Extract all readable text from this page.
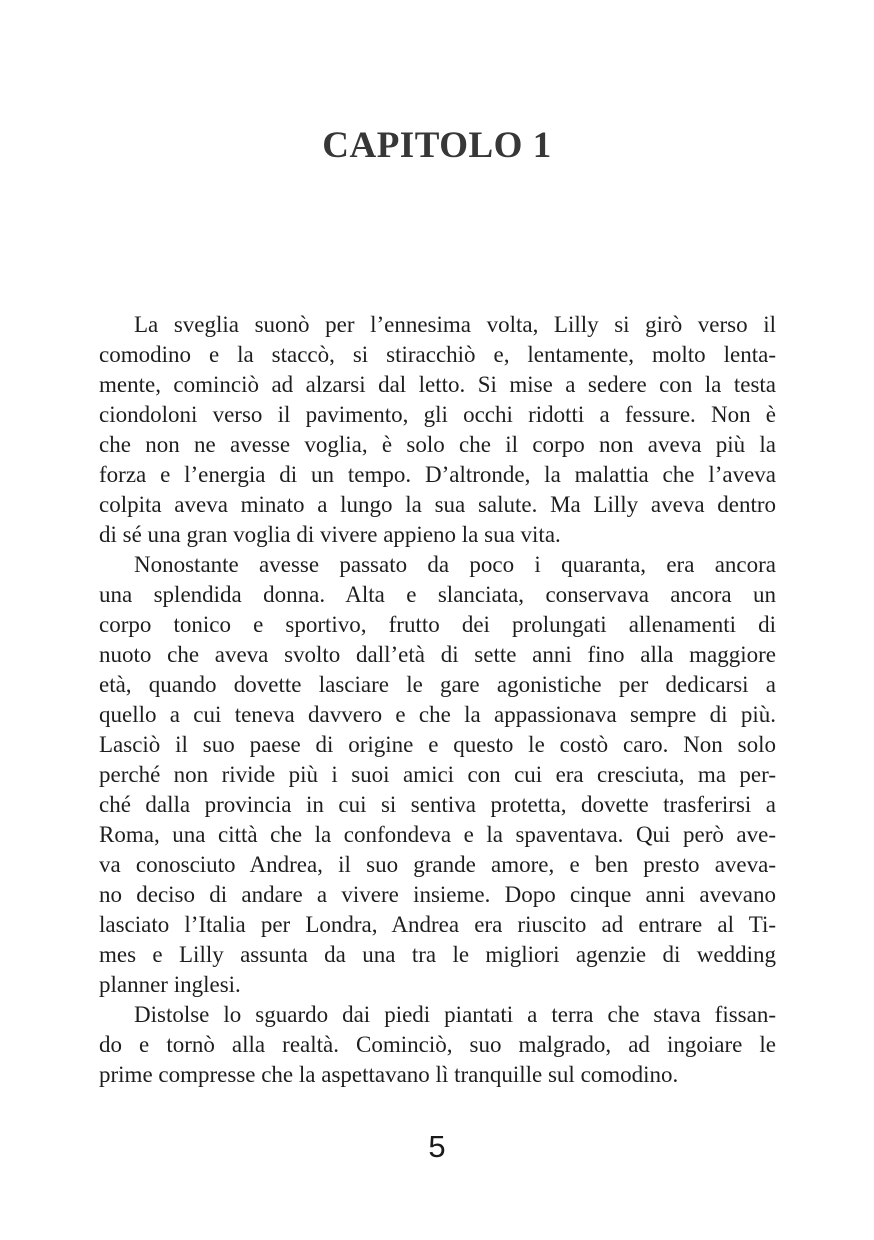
CAPITOLO 1
La sveglia suonò per l’ennesima volta, Lilly si girò verso il
comodino e la staccò, si stiracchiò e, lentamente, molto lenta-
mente, cominciò ad alzarsi dal letto. Si mise a sedere con la testa
ciondoloni verso il pavimento, gli occhi ridotti a fessure. Non è
che non ne avesse voglia, è solo che il corpo non aveva più la
forza e l’energia di un tempo. D’altronde, la malattia che l’aveva
colpita aveva minato a lungo la sua salute. Ma Lilly aveva dentro
di sé una gran voglia di vivere appieno la sua vita.
Nonostante avesse passato da poco i quaranta, era ancora
una splendida donna. Alta e slanciata, conservava ancora un
corpo tonico e sportivo, frutto dei prolungati allenamenti di
nuoto che aveva svolto dall’età di sette anni fino alla maggiore
età, quando dovette lasciare le gare agonistiche per dedicarsi a
quello a cui teneva davvero e che la appassionava sempre di più.
Lasciò il suo paese di origine e questo le costò caro. Non solo
perché non rivide più i suoi amici con cui era cresciuta, ma per-
ché dalla provincia in cui si sentiva protetta, dovette trasferirsi a
Roma, una città che la confondeva e la spaventava. Qui però ave-
va conosciuto Andrea, il suo grande amore, e ben presto aveva-
no deciso di andare a vivere insieme. Dopo cinque anni avevano
lasciato l’Italia per Londra, Andrea era riuscito ad entrare al Ti-
mes e Lilly assunta da una tra le migliori agenzie di wedding
planner inglesi.
Distolse lo sguardo dai piedi piantati a terra che stava fissan-
do e tornò alla realtà. Cominciò, suo malgrado, ad ingoiare le
prime compresse che la aspettavano lì tranquille sul comodino.
5
